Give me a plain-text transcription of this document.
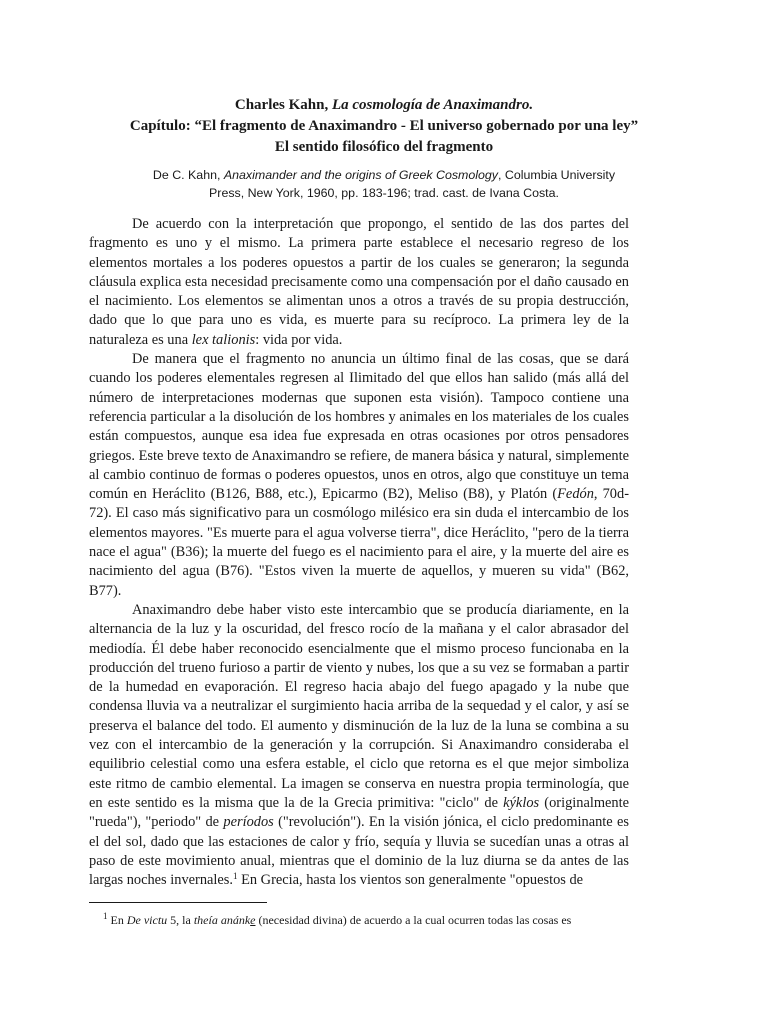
Charles Kahn, La cosmología de Anaximandro.

Capítulo: “El fragmento de Anaximandro - El universo gobernado por una ley”

El sentido filosófico del fragmento

De C. Kahn, Anaximander and the origins of Greek Cosmology, Columbia University Press, New York, 1960, pp. 183-196; trad. cast. de Ivana Costa.

De acuerdo con la interpretación que propongo, el sentido de las dos partes del fragmento es uno y el mismo. La primera parte establece el necesario regreso de los elementos mortales a los poderes opuestos a partir de los cuales se generaron; la segunda cláusula explica esta necesidad precisamente como una compensación por el daño causado en el nacimiento. Los elementos se alimentan unos a otros a través de su propia destrucción, dado que lo que para uno es vida, es muerte para su recíproco. La primera ley de la naturaleza es una lex talionis: vida por vida.

De manera que el fragmento no anuncia un último final de las cosas, que se dará cuando los poderes elementales regresen al Ilimitado del que ellos han salido (más allá del número de interpretaciones modernas que suponen esta visión). Tampoco contiene una referencia particular a la disolución de los hombres y animales en los materiales de los cuales están compuestos, aunque esa idea fue expresada en otras ocasiones por otros pensadores griegos. Este breve texto de Anaximandro se refiere, de manera básica y natural, simplemente al cambio continuo de formas o poderes opuestos, unos en otros, algo que constituye un tema común en Heráclito (B126, B88, etc.), Epicarmo (B2), Meliso (B8), y Platón (Fedón, 70d-72). El caso más significativo para un cosmólogo milésico era sin duda el intercambio de los elementos mayores. "Es muerte para el agua volverse tierra", dice Heráclito, "pero de la tierra nace el agua" (B36); la muerte del fuego es el nacimiento para el aire, y la muerte del aire es nacimiento del agua (B76). "Estos viven la muerte de aquellos, y mueren su vida" (B62, B77).

Anaximandro debe haber visto este intercambio que se producía diariamente, en la alternancia de la luz y la oscuridad, del fresco rocío de la mañana y el calor abrasador del mediodía. Él debe haber reconocido esencialmente que el mismo proceso funcionaba en la producción del trueno furioso a partir de viento y nubes, los que a su vez se formaban a partir de la humedad en evaporación. El regreso hacia abajo del fuego apagado y la nube que condensa lluvia va a neutralizar el surgimiento hacia arriba de la sequedad y el calor, y así se preserva el balance del todo. El aumento y disminución de la luz de la luna se combina a su vez con el intercambio de la generación y la corrupción. Si Anaximandro consideraba el equilibrio celestial como una esfera estable, el ciclo que retorna es el que mejor simboliza este ritmo de cambio elemental. La imagen se conserva en nuestra propia terminología, que en este sentido es la misma que la de la Grecia primitiva: "ciclo" de kýklos (originalmente "rueda"), "periodo" de períodos ("revolución"). En la visión jónica, el ciclo predominante es el del sol, dado que las estaciones de calor y frío, sequía y lluvia se sucedían unas a otras al paso de este movimiento anual, mientras que el dominio de la luz diurna se da antes de las largas noches invernales.$^1$ En Grecia, hasta los vientos son generalmente "opuestos de

$^1$ En De victu 5, la theía anánke (necesidad divina) de acuerdo a la cual ocurren todas las cosas es
